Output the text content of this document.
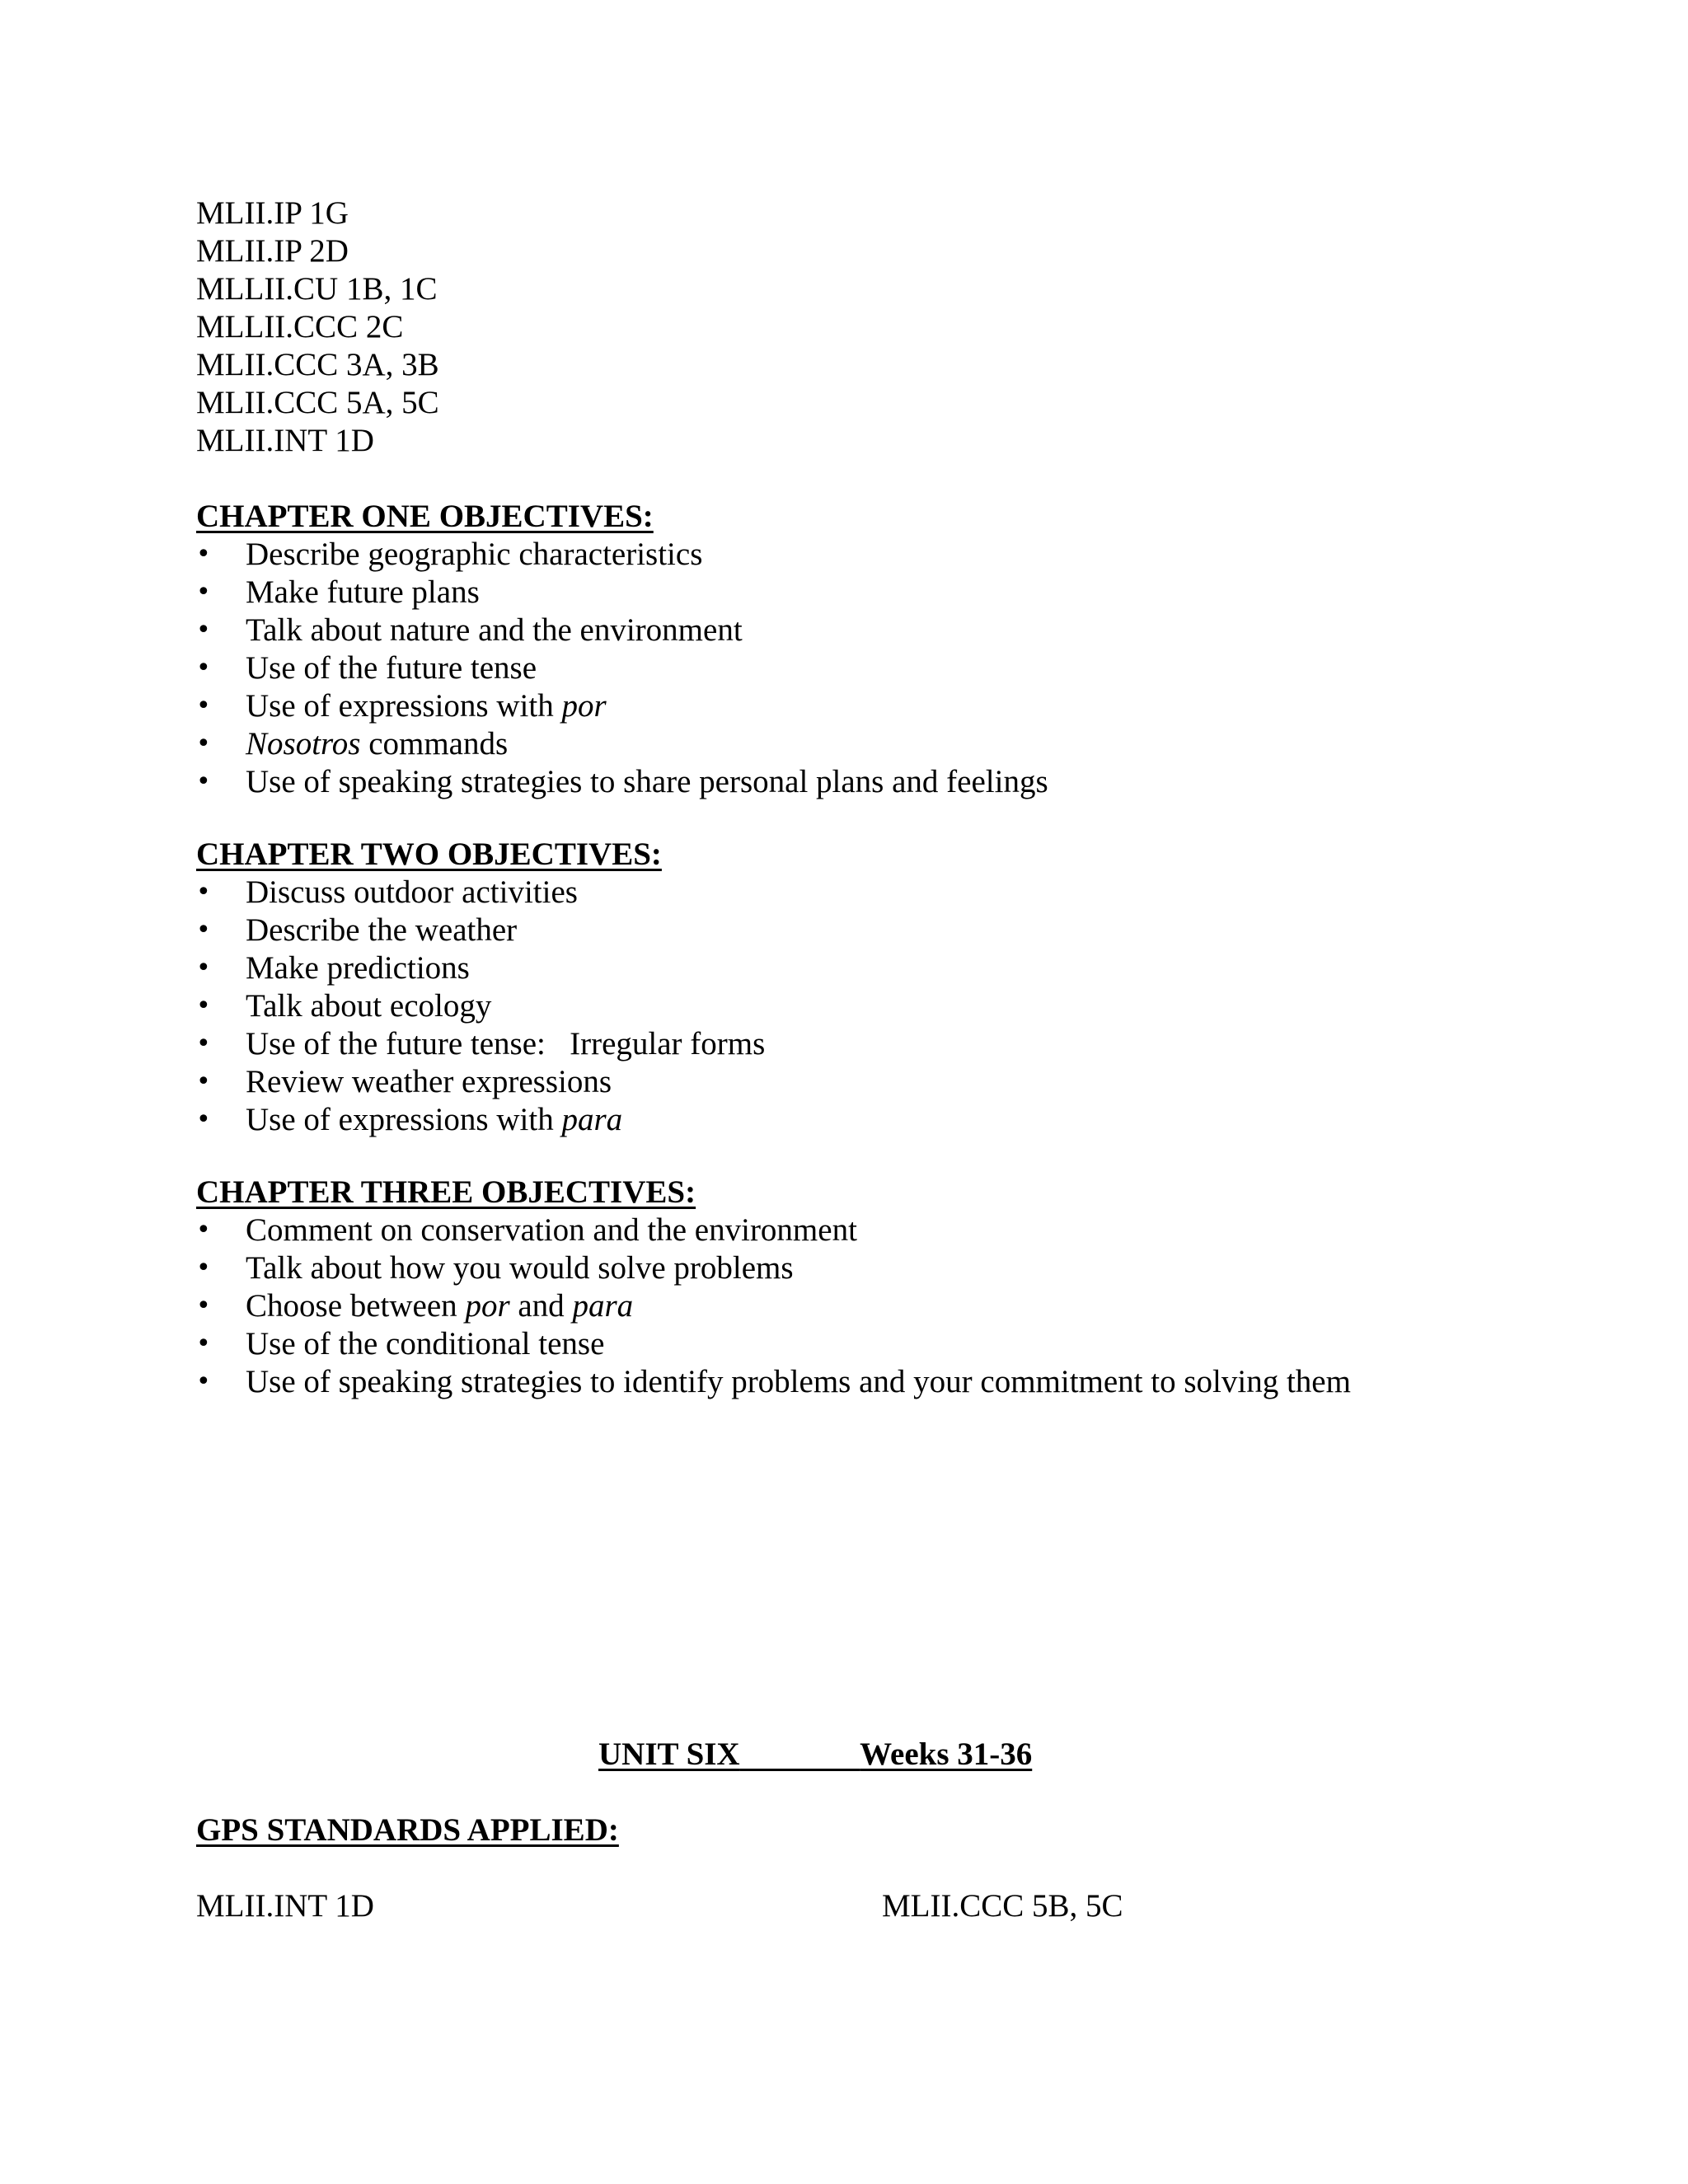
MLII.IP 1G
MLII.IP 2D
MLLII.CU 1B, 1C
MLLII.CCC 2C
MLII.CCC 3A, 3B
MLII.CCC 5A, 5C
MLII.INT 1D
CHAPTER ONE OBJECTIVES:
•	Describe geographic characteristics
•	Make future plans
•	Talk about nature and the environment
•	Use of the future tense
•	Use of expressions with por
•	Nosotros commands
•	Use of speaking strategies to share personal plans and feelings
CHAPTER TWO OBJECTIVES:
•	Discuss outdoor activities
•	Describe the weather
•	Make predictions
•	Talk about ecology
•	Use of the future tense:   Irregular forms
•	Review weather expressions
•	Use of expressions with para
CHAPTER THREE OBJECTIVES:
•	Comment on conservation and the environment
•	Talk about how you would solve problems
•	Choose between por and para
•	Use of the conditional tense
•	Use of speaking strategies to identify problems and your commitment to solving them
UNIT SIX	Weeks 31-36
GPS STANDARDS APPLIED:
MLII.INT 1D	MLII.CCC 5B, 5C
